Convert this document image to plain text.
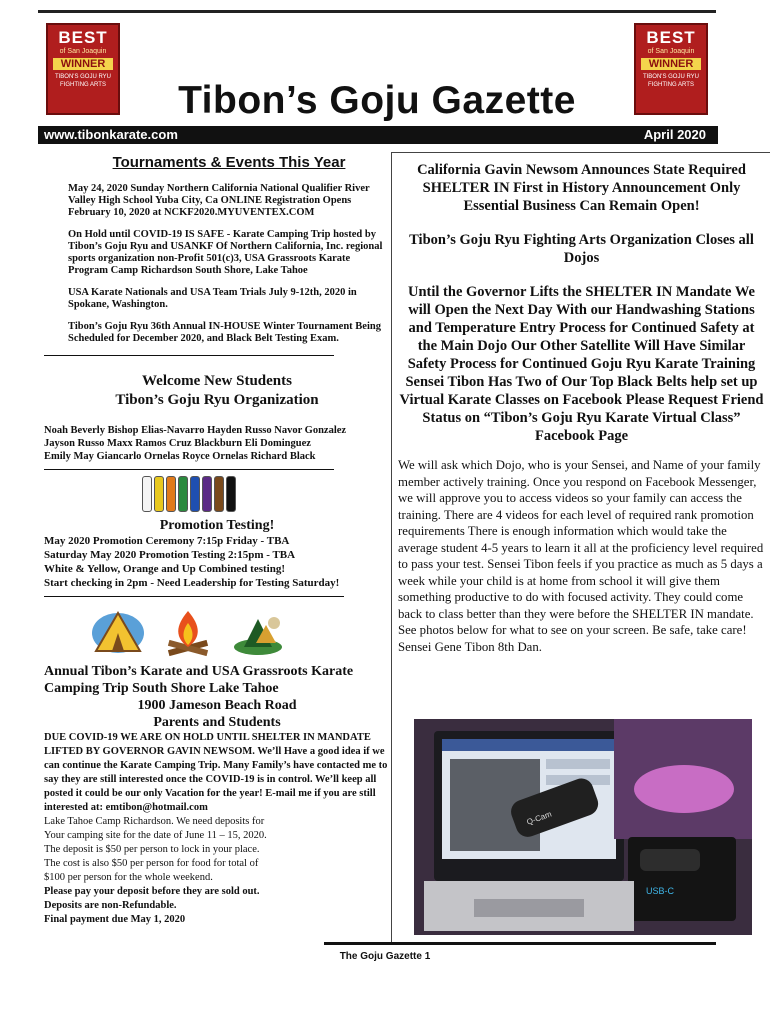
BEST
of San Joaquin
WINNER
TIBON'S GOJU RYU FIGHTING ARTS
BEST
of San Joaquin
WINNER
TIBON'S GOJU RYU FIGHTING ARTS
Tibon’s Goju Gazette
www.tibonkarate.com	April 2020
Tournaments & Events This Year
May 24, 2020 Sunday Northern California National Qualifier River Valley High School Yuba City, Ca ONLINE Registration Opens February 10, 2020 at NCKF2020.MYUVENTEX.COM
On Hold until COVID-19 IS SAFE - Karate Camping Trip hosted by Tibon’s Goju Ryu and USANKF Of Northern California, Inc. regional sports organization non-Profit 501(c)3, USA Grassroots Karate Program Camp Richardson South Shore, Lake Tahoe
USA Karate Nationals and USA Team Trials July 9-12th, 2020 in Spokane, Washington.
Tibon’s Goju Ryu 36th Annual IN-HOUSE Winter Tournament Being Scheduled for December 2020, and Black Belt Testing Exam.
Welcome New Students
Tibon’s Goju Ryu Organization
Noah Beverly Bishop Elias-Navarro Hayden Russo Navor Gonzalez
Jayson Russo Maxx Ramos Cruz Blackburn Eli Dominguez
Emily May Giancarlo Ornelas Royce Ornelas Richard Black
Promotion Testing!
May 2020 Promotion Ceremony 7:15p Friday - TBA
Saturday May 2020 Promotion Testing 2:15pm - TBA
White & Yellow, Orange and Up Combined testing!
Start checking in 2pm - Need Leadership for Testing Saturday!
Annual Tibon’s Karate and USA Grassroots Karate
Camping Trip South Shore Lake Tahoe
1900 Jameson Beach Road
Parents and Students
DUE COVID-19 WE ARE ON HOLD UNTIL SHELTER IN MANDATE LIFTED BY GOVERNOR GAVIN NEWSOM. We’ll Have a good idea if we can continue the Karate Camping Trip. Many Family’s have contacted me to say they are still interested once the COVID-19 is in control. We’ll keep all posted it could be our only Vacation for the year! E-mail me if you are still interested at: emtibon@hotmail.com
Lake Tahoe Camp Richardson. We need deposits for
Your camping site for the date of June 11 – 15, 2020.
The deposit is $50 per person to lock in your place.
The cost is also $50 per person for food for total of
$100 per person for the whole weekend.
Please pay your deposit before they are sold out.
Deposits are non-Refundable.
Final payment due May 1, 2020
California Gavin Newsom Announces State Required SHELTER IN First in History Announcement Only Essential Business Can Remain Open!
Tibon’s Goju Ryu Fighting Arts Organization Closes all Dojos
Until the Governor Lifts the SHELTER IN Mandate We will Open the Next Day With our Handwashing Stations and Temperature Entry Process for Continued Safety at the Main Dojo Our Other Satellite Will Have Similar Safety Process for Continued Goju Ryu Karate Training Sensei Tibon Has Two of Our Top Black Belts help set up Virtual Karate Classes on Facebook Please Request Friend Status on “Tibon’s Goju Ryu Karate Virtual Class” Facebook Page
We will ask which Dojo, who is your Sensei, and Name of your family member actively training. Once you respond on Facebook Messenger, we will approve you to access videos so your family can access the training. There are 4 videos for each level of required rank promotion requirements There is enough information which would take the average student 4-5 years to learn it all at the proficiency level required to pass your test. Sensei Tibon feels if you practice as much as 5 days a week while your child is at home from school it will give them something productive to do with focused activity. They could come back to class better than they were before the SHELTER IN mandate. See photos below for what to see on your screen. Be safe, take care! Sensei Gene Tibon 8th Dan.
USB-C
Q-Cam
The Goju Gazette 1
